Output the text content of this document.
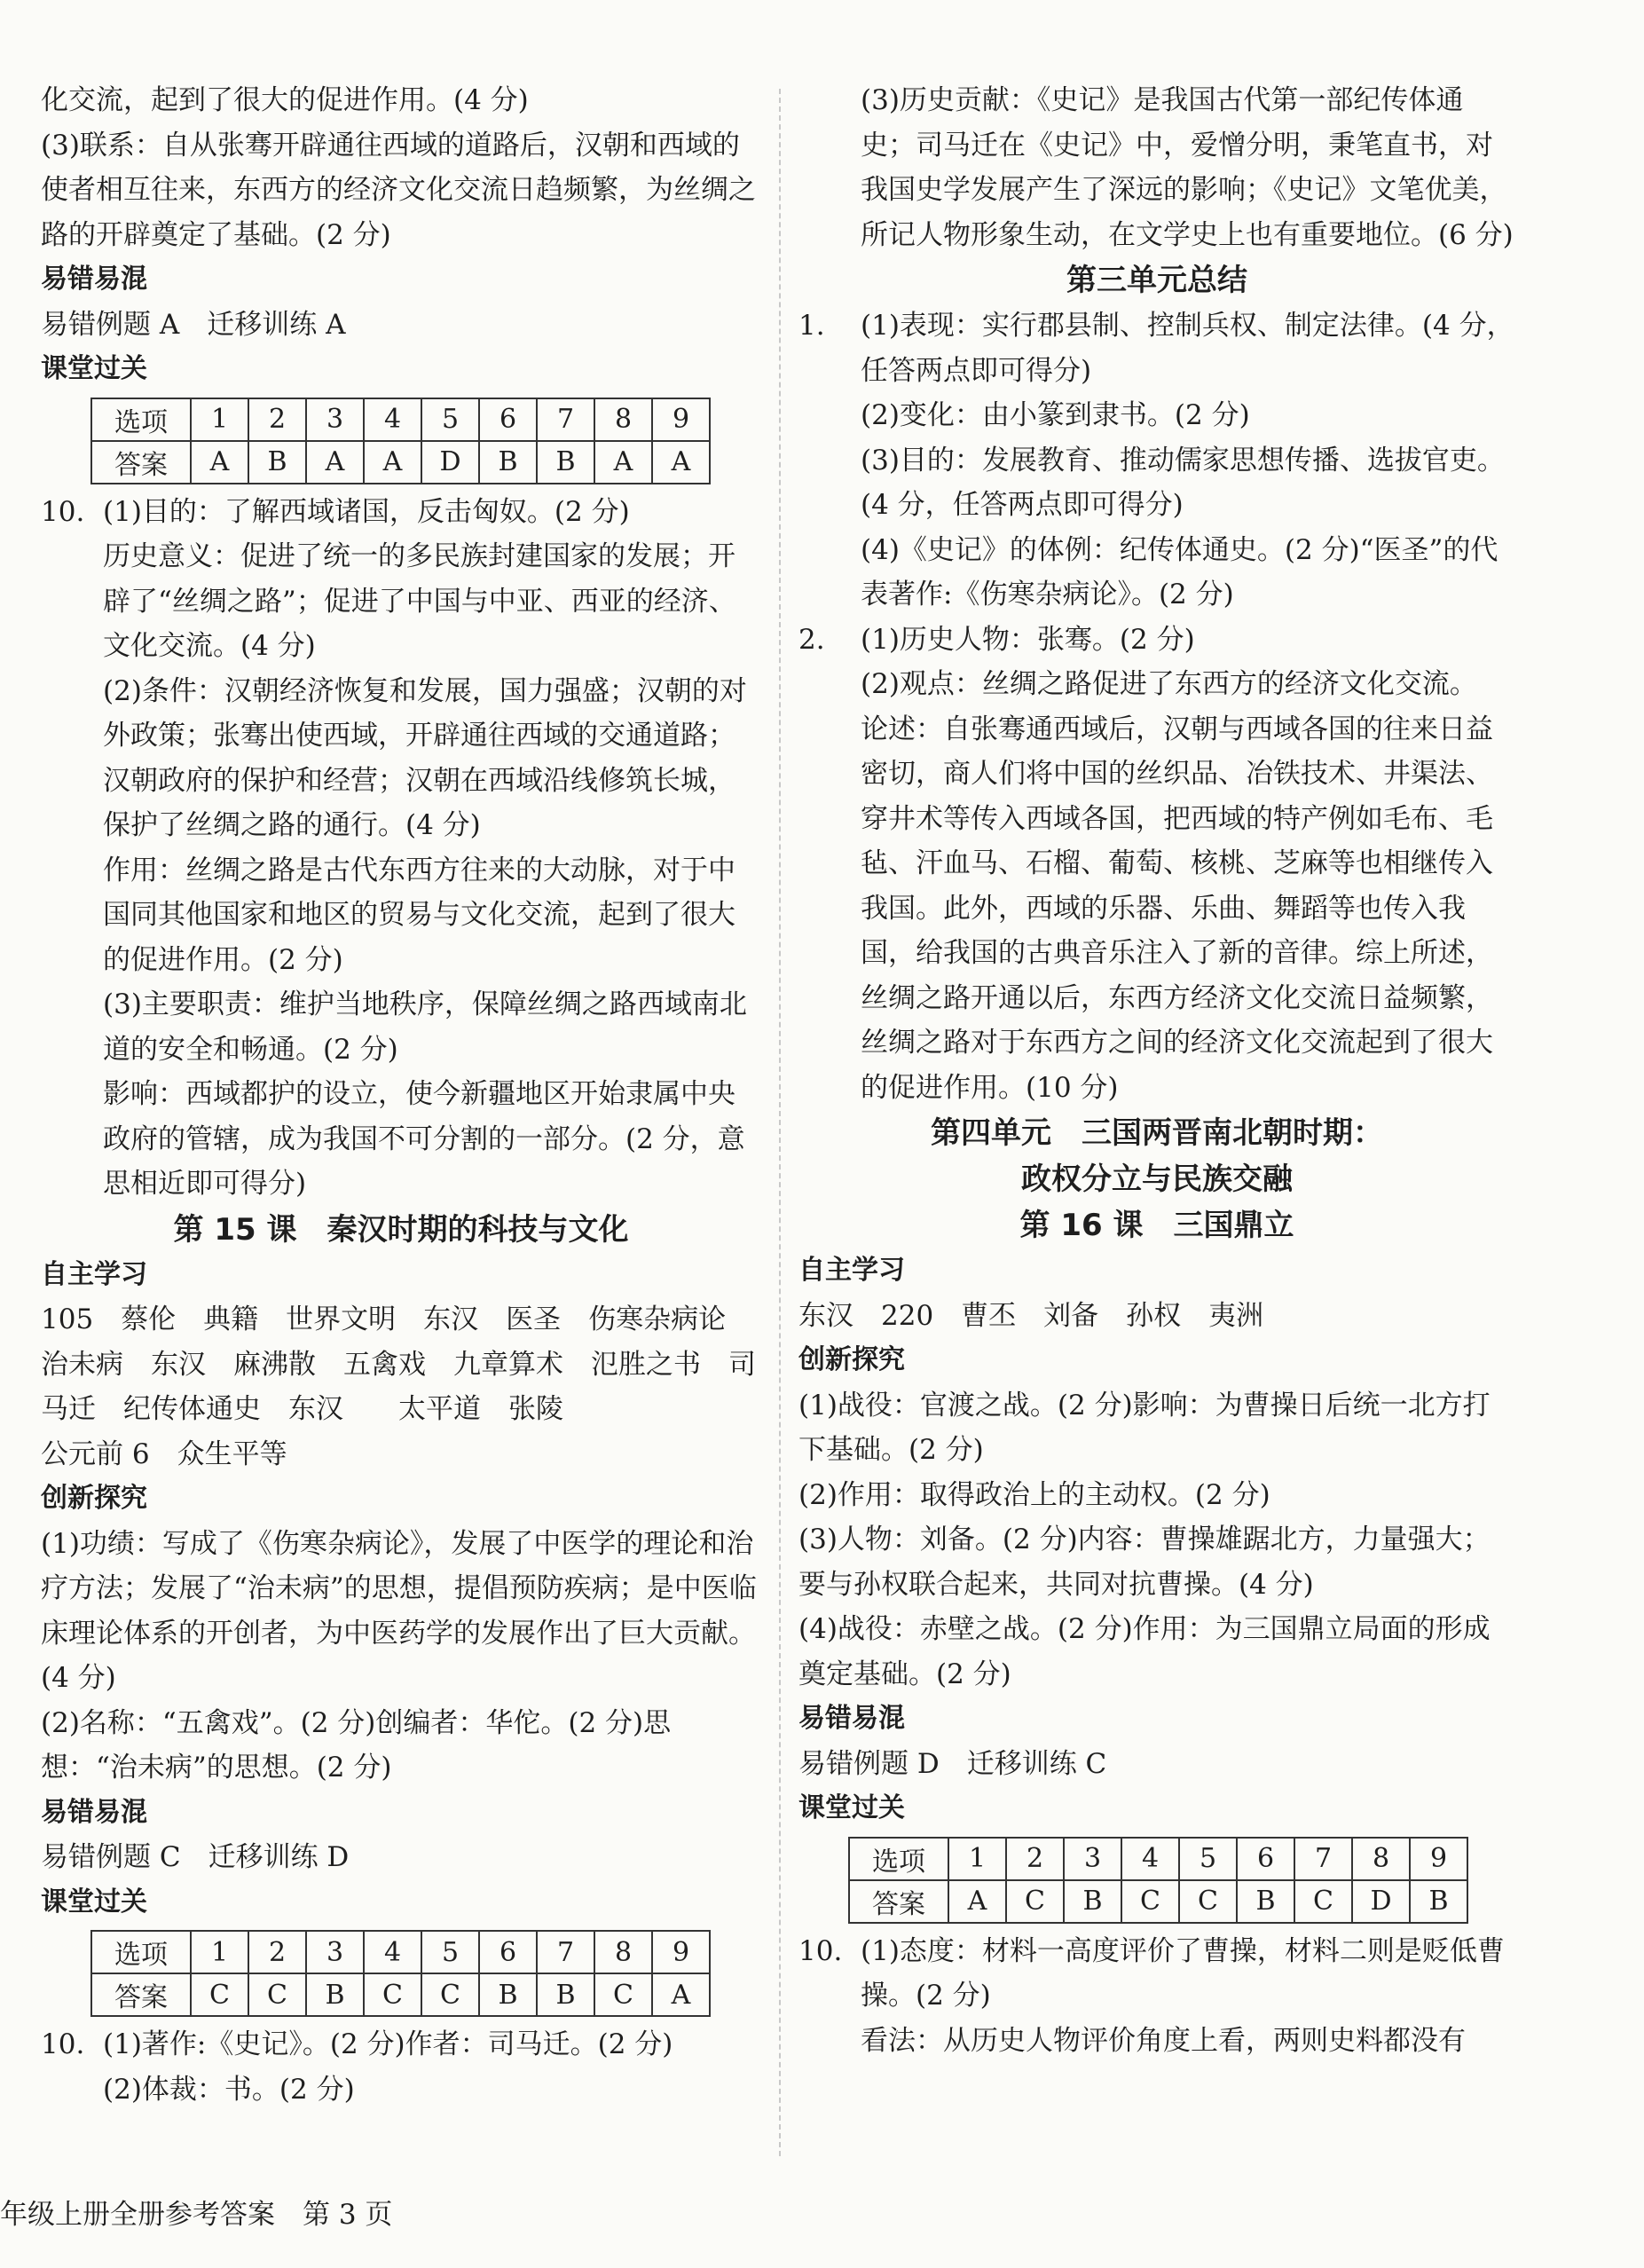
化交流，起到了很大的促进作用。(4 分)

(3)联系：自从张骞开辟通往西域的道路后，汉朝和西域的使者相互往来，东西方的经济文化交流日趋频繁，为丝绸之路的开辟奠定了基础。(2 分)

易错易混

易错例题 A　迁移训练 A

课堂过关

选项	1	2	3	4	5	6	7	8	9
答案	A	B	A	A	D	B	B	A	A
10. (1)目的：了解西域诸国，反击匈奴。(2 分)

历史意义：促进了统一的多民族封建国家的发展；开辟了“丝绸之路”；促进了中国与中亚、西亚的经济、文化交流。(4 分)

(2)条件：汉朝经济恢复和发展，国力强盛；汉朝的对外政策；张骞出使西域，开辟通往西域的交通道路；汉朝政府的保护和经营；汉朝在西域沿线修筑长城，保护了丝绸之路的通行。(4 分)

作用：丝绸之路是古代东西方往来的大动脉，对于中国同其他国家和地区的贸易与文化交流，起到了很大的促进作用。(2 分)

(3)主要职责：维护当地秩序，保障丝绸之路西域南北道的安全和畅通。(2 分)

影响：西域都护的设立，使今新疆地区开始隶属中央政府的管辖，成为我国不可分割的一部分。(2 分，意思相近即可得分)

第 15 课　秦汉时期的科技与文化

自主学习

105　蔡伦　典籍　世界文明　东汉　医圣　伤寒杂病论　治未病　东汉　麻沸散　五禽戏　九章算术　氾胜之书　司马迁　纪传体通史　东汉　　太平道　张陵

公元前 6　众生平等

创新探究

(1)功绩：写成了《伤寒杂病论》，发展了中医学的理论和治疗方法；发展了“治未病”的思想，提倡预防疾病；是中医临床理论体系的开创者，为中医药学的发展作出了巨大贡献。(4 分)

(2)名称：“五禽戏”。(2 分)创编者：华佗。(2 分)思想：“治未病”的思想。(2 分)

易错易混

易错例题 C　迁移训练 D

课堂过关

选项	1	2	3	4	5	6	7	8	9
答案	C	C	B	C	C	B	B	C	A
10. (1)著作:《史记》。(2 分)作者：司马迁。(2 分)

(2)体裁：书。(2 分)

(3)历史贡献：《史记》是我国古代第一部纪传体通史；司马迁在《史记》中，爱憎分明，秉笔直书，对我国史学发展产生了深远的影响；《史记》文笔优美，所记人物形象生动，在文学史上也有重要地位。(6 分)

第三单元总结

1. (1)表现：实行郡县制、控制兵权、制定法律。(4 分，任答两点即可得分)

(2)变化：由小篆到隶书。(2 分)

(3)目的：发展教育、推动儒家思想传播、选拔官吏。(4 分，任答两点即可得分)

(4)《史记》的体例：纪传体通史。(2 分)“医圣”的代表著作:《伤寒杂病论》。(2 分)

2. (1)历史人物：张骞。(2 分)

(2)观点：丝绸之路促进了东西方的经济文化交流。

论述：自张骞通西域后，汉朝与西域各国的往来日益密切，商人们将中国的丝织品、冶铁技术、井渠法、穿井术等传入西域各国，把西域的特产例如毛布、毛毡、汗血马、石榴、葡萄、核桃、芝麻等也相继传入我国。此外，西域的乐器、乐曲、舞蹈等也传入我国，给我国的古典音乐注入了新的音律。综上所述，丝绸之路开通以后，东西方经济文化交流日益频繁，丝绸之路对于东西方之间的经济文化交流起到了很大的促进作用。(10 分)

第四单元　三国两晋南北朝时期：

政权分立与民族交融

第 16 课　三国鼎立

自主学习

东汉　220　曹丕　刘备　孙权　夷洲

创新探究

(1)战役：官渡之战。(2 分)影响：为曹操日后统一北方打下基础。(2 分)

(2)作用：取得政治上的主动权。(2 分)

(3)人物：刘备。(2 分)内容：曹操雄踞北方，力量强大；要与孙权联合起来，共同对抗曹操。(4 分)

(4)战役：赤壁之战。(2 分)作用：为三国鼎立局面的形成奠定基础。(2 分)

易错易混

易错例题 D　迁移训练 C

课堂过关

选项	1	2	3	4	5	6	7	8	9
答案	A	C	B	C	C	B	C	D	B
10. (1)态度：材料一高度评价了曹操，材料二则是贬低曹操。(2 分)

看法：从历史人物评价角度上看，两则史料都没有

年级上册全册参考答案　第 3 页
